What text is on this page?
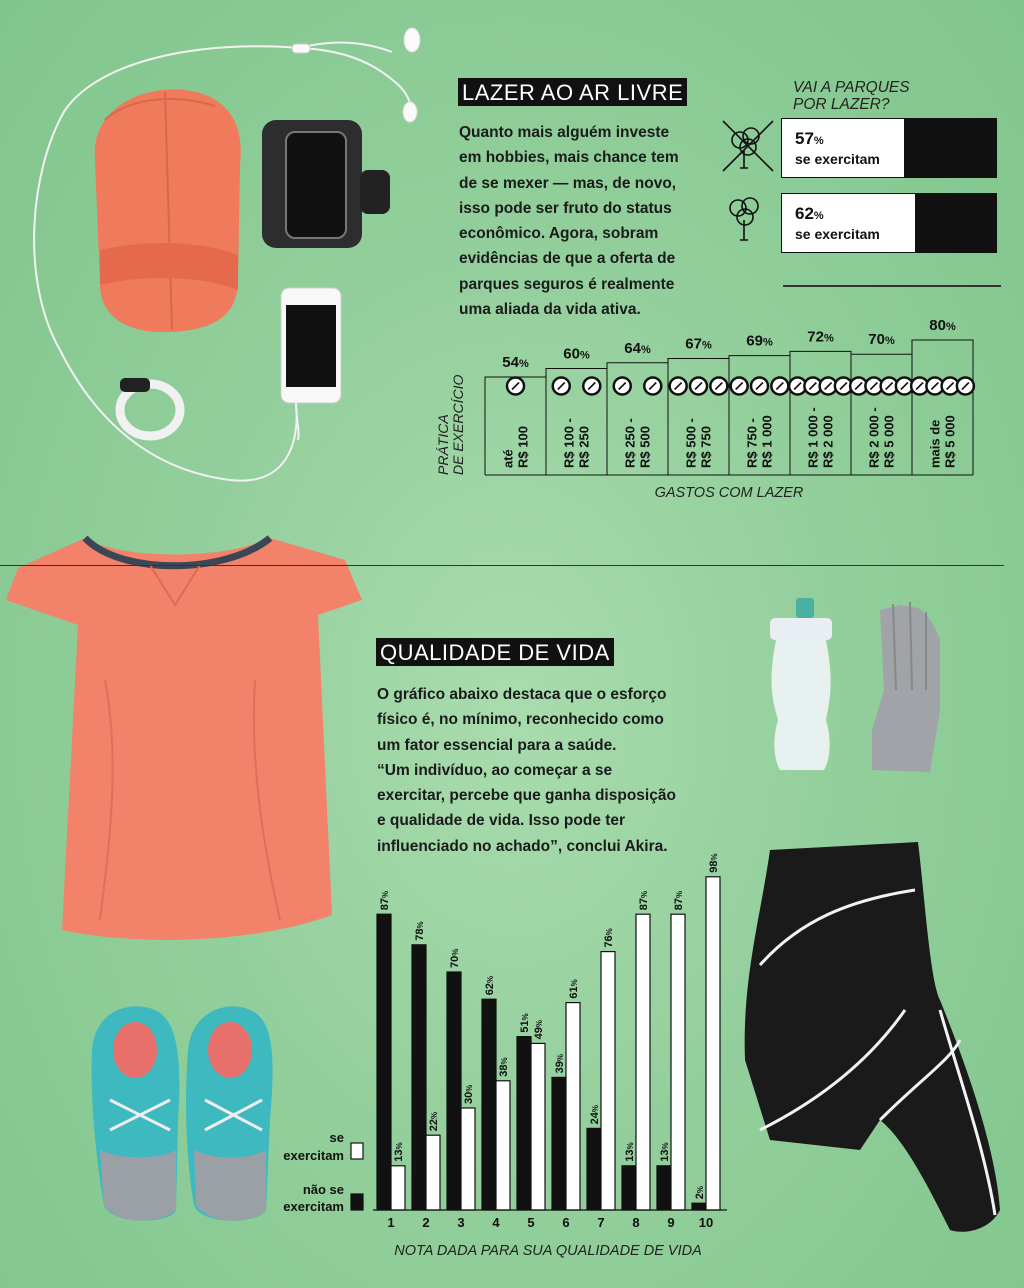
LAZER AO AR LIVRE
Quanto mais alguém investe
em hobbies, mais chance tem
de se mexer — mas, de novo,
isso pode ser fruto do status
econômico. Agora, sobram
evidências de que a oferta de
parques seguros é realmente
uma aliada da vida ativa.
VAI A PARQUES
POR LAZER?
57%
se exercitam
62%
se exercitam
54%
até R$ 100
60%
R$ 100 - R$ 250
64%
R$ 250 - R$ 500
67%
R$ 500 - R$ 750
69%
R$ 750 - R$ 1 000
72%
R$ 1 000 - R$ 2 000
70%
R$ 2 000 - R$ 5 000
80%
mais de R$ 5 000
PRÁTICA DE EXERCÍCIO
GASTOS COM LAZER
QUALIDADE DE VIDA
O gráfico abaixo destaca que o esforço
físico é, no mínimo, reconhecido como
um fator essencial para a saúde.
“Um indivíduo, ao começar a se
exercitar, percebe que ganha disposição
e qualidade de vida. Isso pode ter
influenciado no achado”, conclui Akira.
87%
13%
1
78%
22%
2
70%
30%
3
62%
38%
4
51%
49%
5
39%
61%
6
24%
76%
7
13%
87%
8
13%
87%
9
2%
98%
10
NOTA DADA PARA SUA QUALIDADE DE VIDA
se
exercitam
não se
exercitam
